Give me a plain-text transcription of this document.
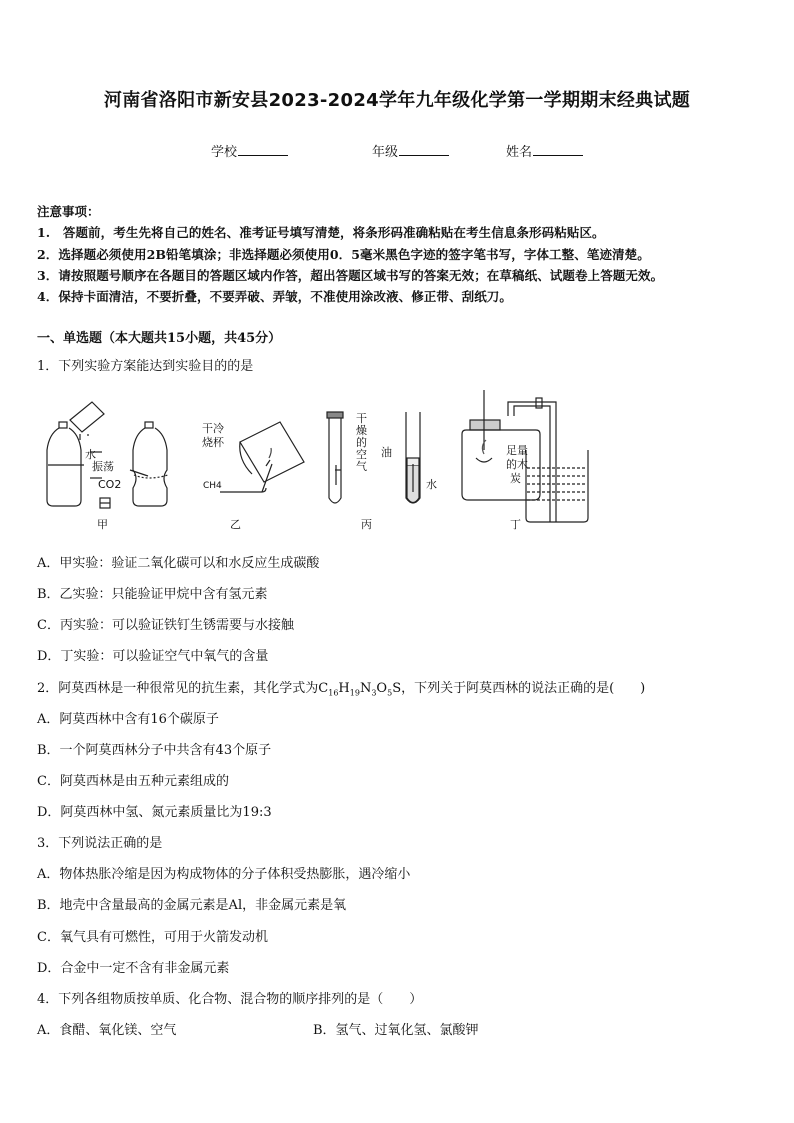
河南省洛阳市新安县2023-2024学年九年级化学第一学期期末经典试题
学校	年级	姓名
注意事项：
1.　答题前，考生先将自己的姓名、准考证号填写清楚，将条形码准确粘贴在考生信息条形码粘贴区。
2．选择题必须使用2B铅笔填涂；非选择题必须使用0．5毫米黑色字迹的签字笔书写，字体工整、笔迹清楚。
3．请按照题号顺序在各题目的答题区域内作答，超出答题区域书写的答案无效；在草稿纸、试题卷上答题无效。
4．保持卡面清洁，不要折叠，不要弄破、弄皱，不准使用涂改液、修正带、刮纸刀。
一、单选题（本大题共15小题，共45分）
1．下列实验方案能达到实验目的的是
水
振荡
CO2
干冷
烧杯
CH4
油
水
足量
的木
炭
甲	乙	丙	丁
干燥的空气
A．甲实验：验证二氧化碳可以和水反应生成碳酸
B．乙实验：只能验证甲烷中含有氢元素
C．丙实验：可以验证铁钉生锈需要与水接触
D．丁实验：可以验证空气中氧气的含量
2．阿莫西林是一种很常见的抗生素，其化学式为$C_{16}H_{19}N_3O_5S$，下列关于阿莫西林的说法正确的是(　　)
A．阿莫西林中含有16个碳原子
B．一个阿莫西林分子中共含有43个原子
C．阿莫西林是由五种元素组成的
D．阿莫西林中氢、氮元素质量比为19:3
3．下列说法正确的是
A．物体热胀冷缩是因为构成物体的分子体积受热膨胀，遇冷缩小
B．地壳中含量最高的金属元素是Al，非金属元素是氧
C．氧气具有可燃性，可用于火箭发动机
D．合金中一定不含有非金属元素
4．下列各组物质按单质、化合物、混合物的顺序排列的是（　　）
A．食醋、氧化镁、空气	B．氢气、过氧化氢、氯酸钾
